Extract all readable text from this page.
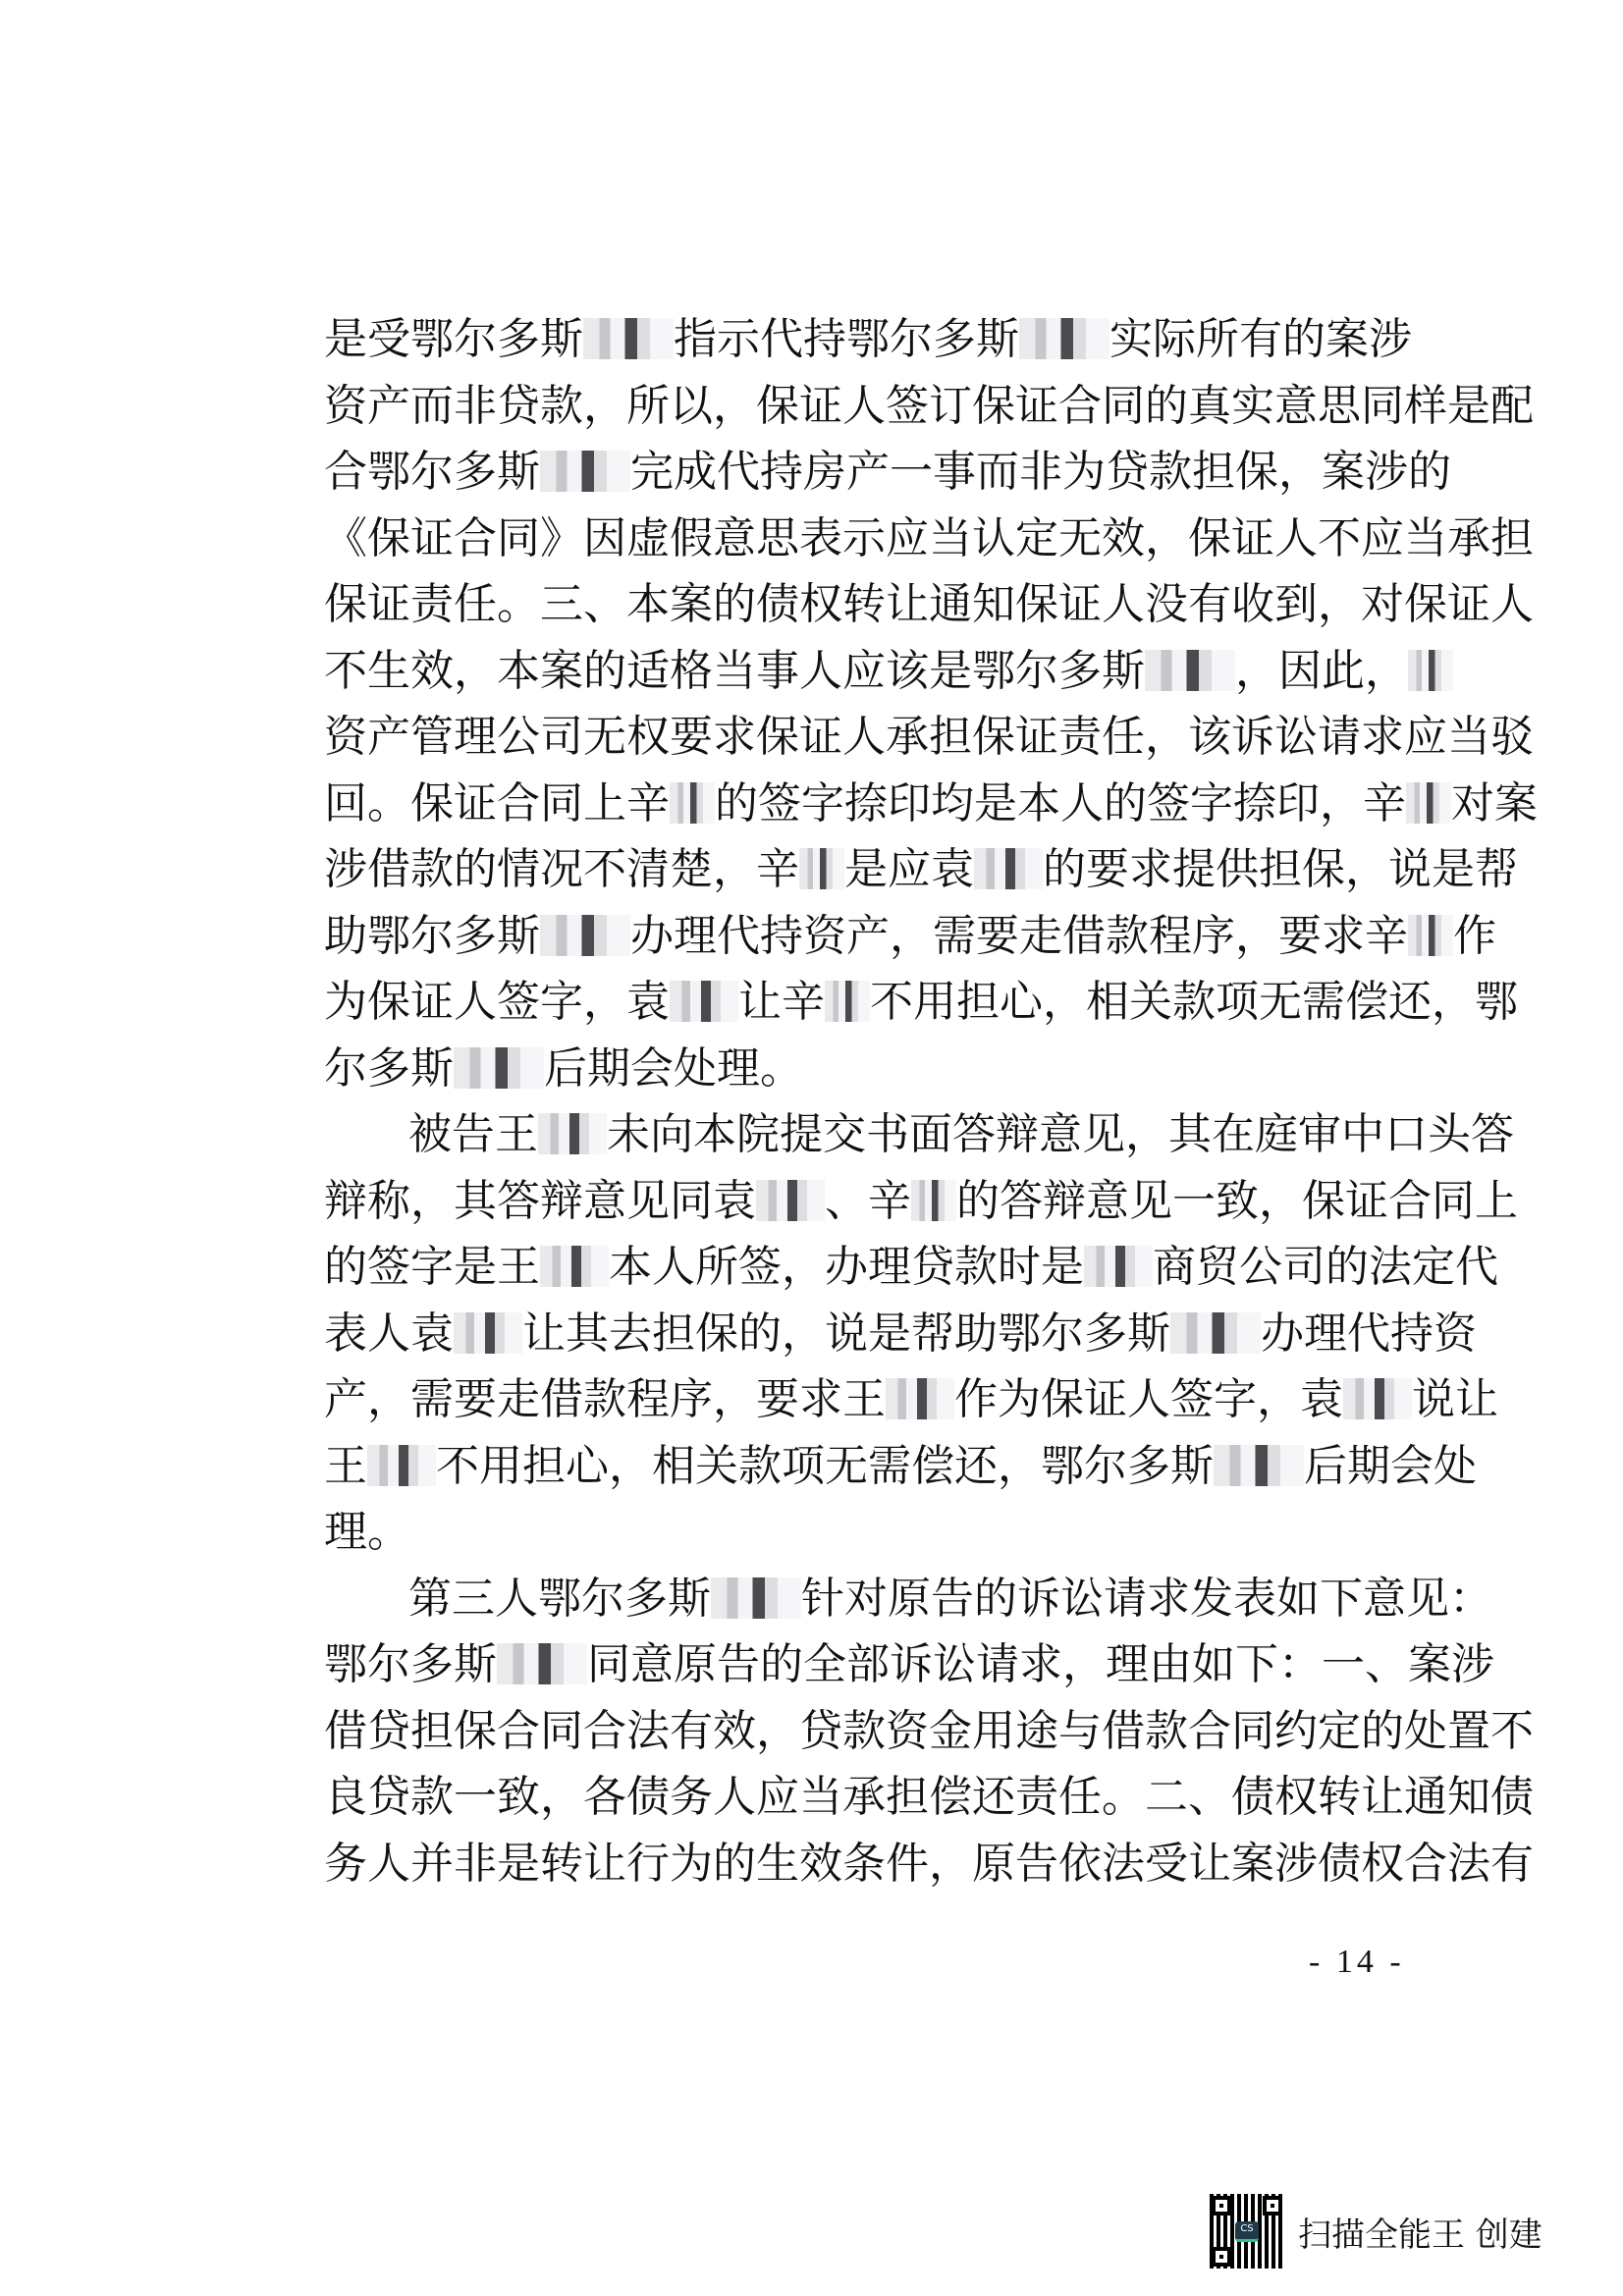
是受鄂尔多斯 指示代持鄂尔多斯 实际所有的案涉
资产而非贷款，所以，保证人签订保证合同的真实意思同样是配
合鄂尔多斯 完成代持房产一事而非为贷款担保，案涉的
《保证合同》因虚假意思表示应当认定无效，保证人不应当承担
保证责任。三、本案的债权转让通知保证人没有收到，对保证人
不生效，本案的适格当事人应该是鄂尔多斯 ，因此，
资产管理公司无权要求保证人承担保证责任，该诉讼请求应当驳
回。保证合同上辛 的签字捺印均是本人的签字捺印，辛 对案
涉借款的情况不清楚，辛 是应袁 的要求提供担保，说是帮
助鄂尔多斯 办理代持资产，需要走借款程序，要求辛 作
为保证人签字，袁 让辛 不用担心，相关款项无需偿还，鄂
尔多斯 后期会处理。
被告王 未向本院提交书面答辩意见，其在庭审中口头答
辩称，其答辩意见同袁 、辛 的答辩意见一致，保证合同上
的签字是王 本人所签，办理贷款时是 商贸公司的法定代
表人袁 让其去担保的，说是帮助鄂尔多斯 办理代持资
产，需要走借款程序，要求王 作为保证人签字，袁 说让
王 不用担心，相关款项无需偿还，鄂尔多斯 后期会处
理。
第三人鄂尔多斯 针对原告的诉讼请求发表如下意见：
鄂尔多斯 同意原告的全部诉讼请求，理由如下：一、案涉
借贷担保合同合法有效，贷款资金用途与借款合同约定的处置不
良贷款一致，各债务人应当承担偿还责任。二、债权转让通知债
务人并非是转让行为的生效条件，原告依法受让案涉债权合法有
- 14 -
CS 扫描全能王 创建
